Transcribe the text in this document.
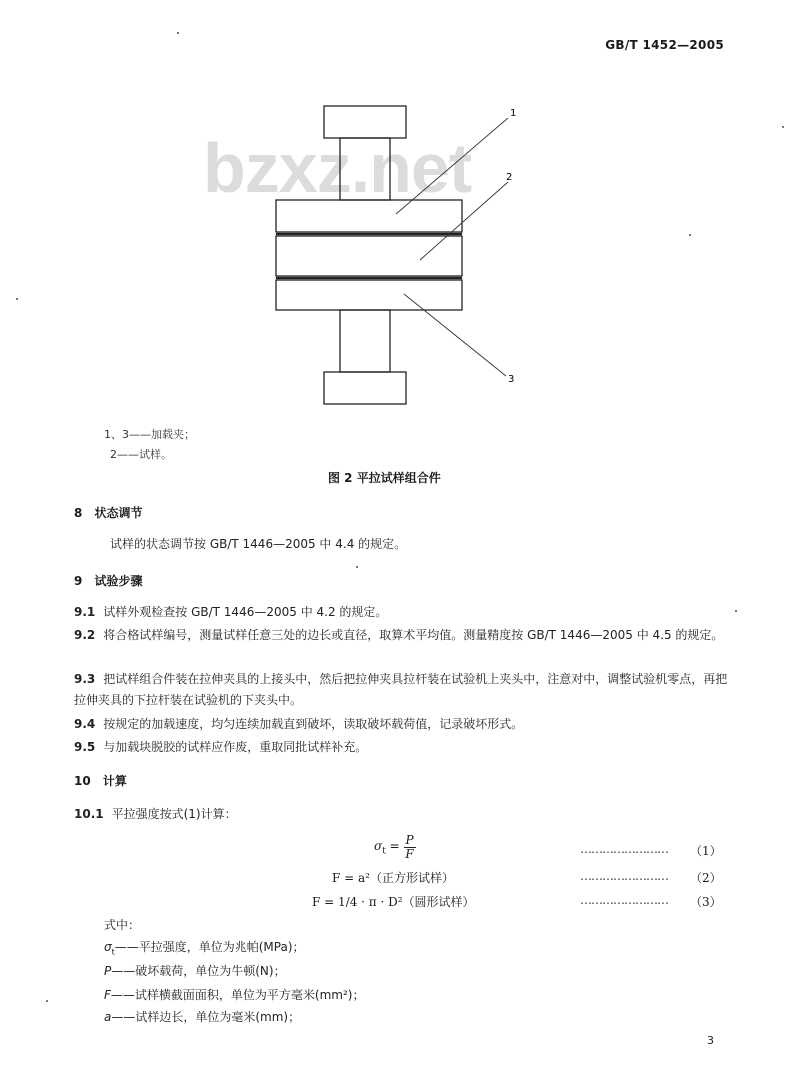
GB/T 1452—2005
bzxz.net
1
2
3
1、3——加载夹；
2——试样。
图 2 平拉试样组合件
8 状态调节
试样的状态调节按 GB/T 1446—2005 中 4.4 的规定。
9 试验步骤
9.1 试样外观检查按 GB/T 1446—2005 中 4.2 的规定。
9.2 将合格试样编号，测量试样任意三处的边长或直径，取算术平均值。测量精度按 GB/T 1446—2005 中 4.5 的规定。
9.3 把试样组合件装在拉伸夹具的上接头中，然后把拉伸夹具拉杆装在试验机上夹头中，注意对中，调整试验机零点，再把拉伸夹具的下拉杆装在试验机的下夹头中。
9.4 按规定的加载速度，均匀连续加载直到破坏，读取破坏载荷值，记录破坏形式。
9.5 与加载块脱胶的试样应作废，重取同批试样补充。
10 计算
10.1 平拉强度按式(1)计算：
$\sigma_t = \frac{P}{F}$	…………………… （1）
F = a²（正方形试样）	…………………… （2）
F = 1/4 · π · D²（圆形试样）	…………………… （3）
式中：
$\sigma_t——$平拉强度，单位为兆帕(MPa)；
P——破坏载荷，单位为牛顿(N)；
F——试样横截面面积，单位为平方毫米(mm²)；
a——试样边长，单位为毫米(mm)；
3
